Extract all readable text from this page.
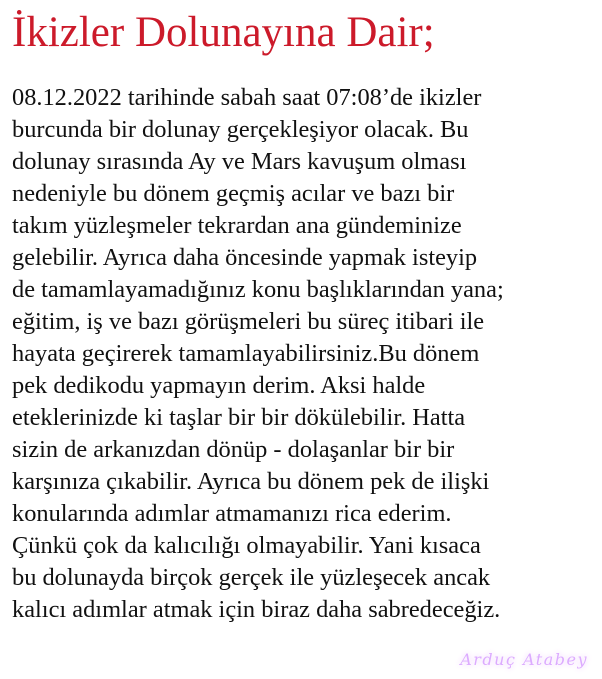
İkizler Dolunayına Dair;
08.12.2022 tarihinde sabah saat 07:08’de ikizler
burcunda bir dolunay gerçekleşiyor olacak. Bu
dolunay sırasında Ay ve Mars kavuşum olması
nedeniyle bu dönem geçmiş acılar ve bazı bir
takım yüzleşmeler tekrardan ana gündeminize
gelebilir. Ayrıca daha öncesinde yapmak isteyip
de tamamlayamadığınız konu başlıklarından yana;
eğitim, iş ve bazı görüşmeleri bu süreç itibari ile
hayata geçirerek tamamlayabilirsiniz.Bu dönem
pek dedikodu yapmayın derim. Aksi halde
eteklerinizde ki taşlar bir bir dökülebilir. Hatta
sizin de arkanızdan dönüp - dolaşanlar bir bir
karşınıza çıkabilir. Ayrıca bu dönem pek de ilişki
konularında adımlar atmamanızı rica ederim.
Çünkü çok da kalıcılığı olmayabilir. Yani kısaca
bu dolunayda birçok gerçek ile yüzleşecek ancak
kalıcı adımlar atmak için biraz daha sabredeceğiz.
Arduç Atabey
